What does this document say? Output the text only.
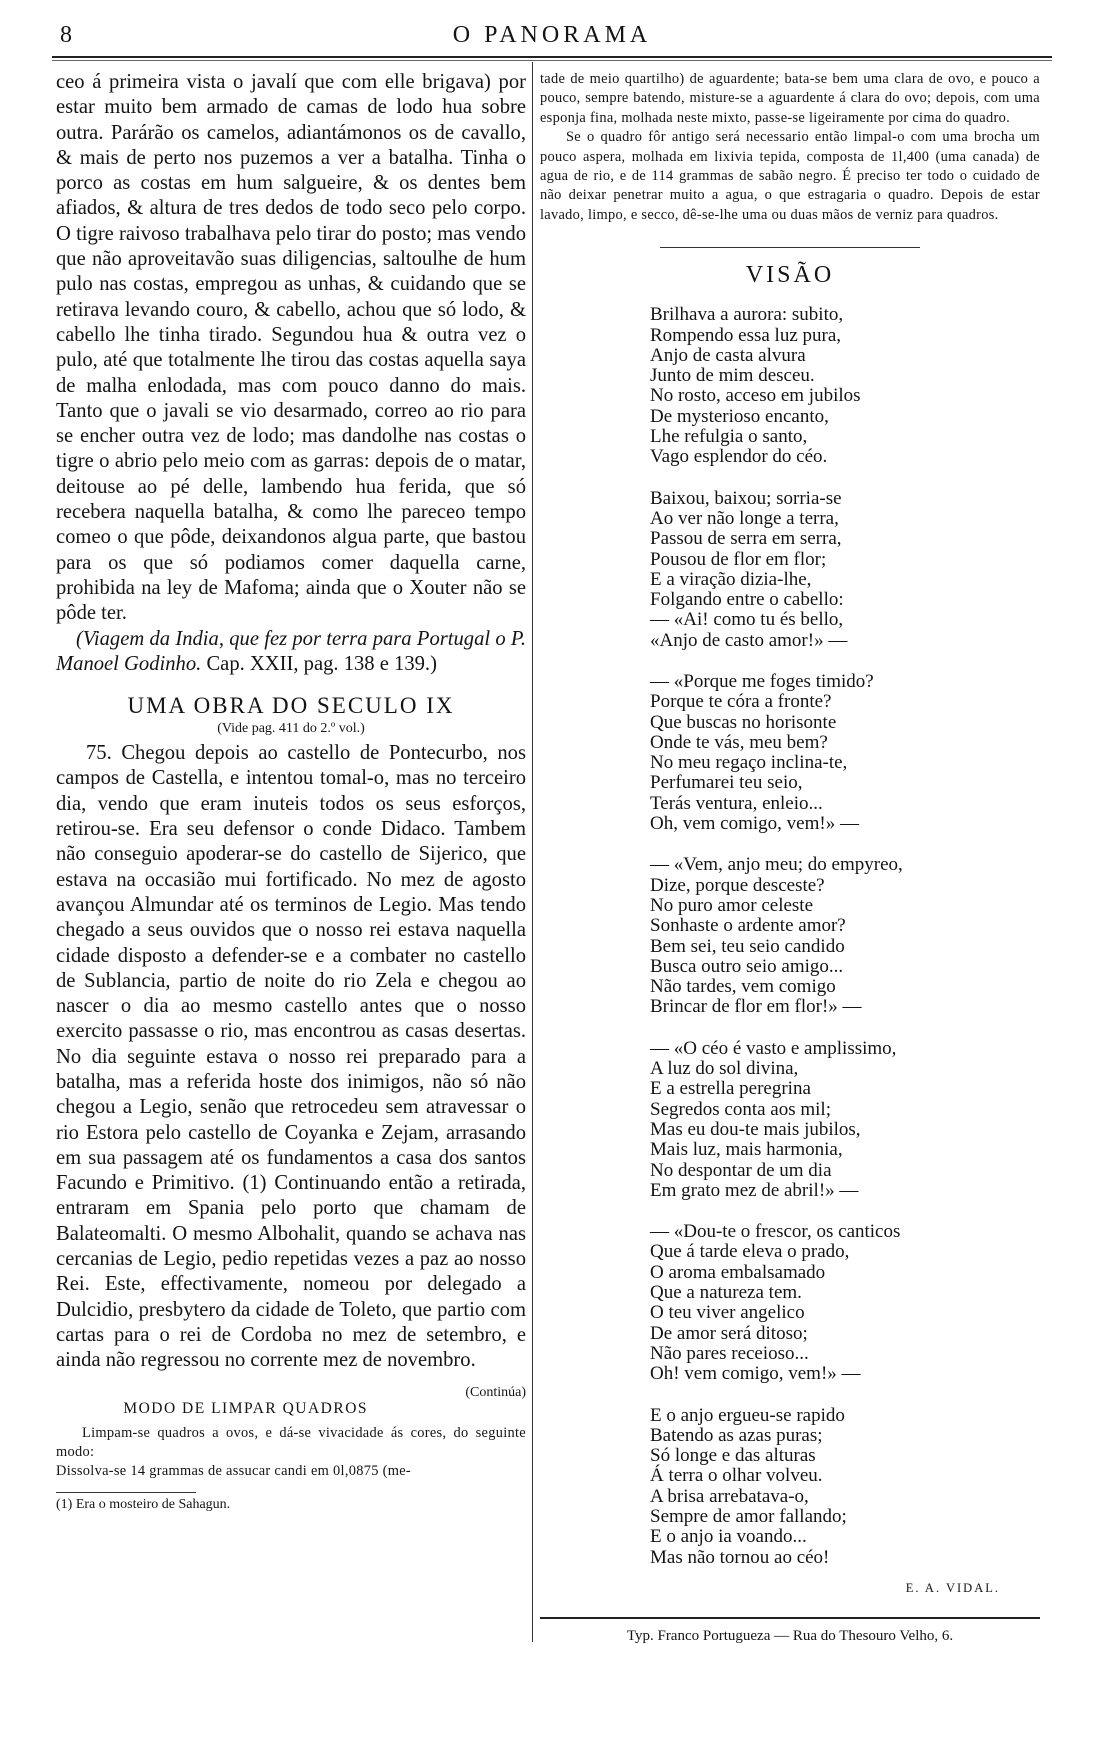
8	O PANORAMA

ceo á primeira vista o javalí que com elle brigava) por estar muito bem armado de camas de lodo hua sobre outra. Parárão os camelos, adiantámonos os de cavallo, & mais de perto nos puzemos a ver a batalha. Tinha o porco as costas em hum salgueire, & os dentes bem afiados, & altura de tres dedos de todo seco pelo corpo. O tigre raivoso trabalhava pelo tirar do posto; mas vendo que não aproveitavão suas diligencias, saltoulhe de hum pulo nas costas, empregou as unhas, & cuidando que se retirava levando couro, & cabello, achou que só lodo, & cabello lhe tinha tirado. Segundou hua & outra vez o pulo, até que totalmente lhe tirou das costas aquella saya de malha enlodada, mas com pouco danno do mais. Tanto que o javali se vio desarmado, correo ao rio para se encher outra vez de lodo; mas dandolhe nas costas o tigre o abrio pelo meio com as garras: depois de o matar, deitouse ao pé delle, lambendo hua ferida, que só recebera naquella batalha, & como lhe pareceo tempo comeo o que pôde, deixandonos algua parte, que bastou para os que só podiamos comer daquella carne, prohibida na ley de Mafoma; ainda que o Xouter não se pôde ter.

(Viagem da India, que fez por terra para Portugal o P. Manoel Godinho. Cap. XXII, pag. 138 e 139.)

UMA OBRA DO SECULO IX
(Vide pag. 411 do 2.º vol.)

75. Chegou depois ao castello de Pontecurbo, nos campos de Castella, e intentou tomal-o, mas no terceiro dia, vendo que eram inuteis todos os seus esforços, retirou-se. Era seu defensor o conde Didaco. Tambem não conseguio apoderar-se do castello de Sijerico, que estava na occasião mui fortificado. No mez de agosto avançou Almundar até os terminos de Legio. Mas tendo chegado a seus ouvidos que o nosso rei estava naquella cidade disposto a defender-se e a combater no castello de Sublancia, partio de noite do rio Zela e chegou ao nascer o dia ao mesmo castello antes que o nosso exercito passasse o rio, mas encontrou as casas desertas. No dia seguinte estava o nosso rei preparado para a batalha, mas a referida hoste dos inimigos, não só não chegou a Legio, senão que retrocedeu sem atravessar o rio Estora pelo castello de Coyanka e Zejam, arrasando em sua passagem até os fundamentos a casa dos santos Facundo e Primitivo. (1) Continuando então a retirada, entraram em Spania pelo porto que chamam de Balateomalti. O mesmo Albohalit, quando se achava nas cercanias de Legio, pedio repetidas vezes a paz ao nosso Rei. Este, effectivamente, nomeou por delegado a Dulcidio, presbytero da cidade de Toleto, que partio com cartas para o rei de Cordoba no mez de setembro, e ainda não regressou no corrente mez de novembro.
(Continúa)

MODO DE LIMPAR QUADROS

Limpam-se quadros a ovos, e dá-se vivacidade ás cores, do seguinte modo:

Dissolva-se 14 grammas de assucar candi em 0l,0875 (me-

(1) Era o mosteiro de Sahagun.

tade de meio quartilho) de aguardente; bata-se bem uma clara de ovo, e pouco a pouco, sempre batendo, misture-se a aguardente á clara do ovo; depois, com uma esponja fina, molhada neste mixto, passe-se ligeiramente por cima do quadro.

Se o quadro fôr antigo será necessario então limpal-o com uma brocha um pouco aspera, molhada em lixivia tepida, composta de 1l,400 (uma canada) de agua de rio, e de 114 grammas de sabão negro. É preciso ter todo o cuidado de não deixar penetrar muito a agua, o que estragaria o quadro. Depois de estar lavado, limpo, e secco, dê-se-lhe uma ou duas mãos de verniz para quadros.

VISÃO
Brilhava a aurora: subito,
Rompendo essa luz pura,
Anjo de casta alvura
Junto de mim desceu.
No rosto, acceso em jubilos
De mysterioso encanto,
Lhe refulgia o santo,
Vago esplendor do céo.
Baixou, baixou; sorria-se
Ao ver não longe a terra,
Passou de serra em serra,
Pousou de flor em flor;
E a viração dizia-lhe,
Folgando entre o cabello:
— «Ai! como tu és bello,
«Anjo de casto amor!» —
— «Porque me foges timido?
Porque te córa a fronte?
Que buscas no horisonte
Onde te vás, meu bem?
No meu regaço inclina-te,
Perfumarei teu seio,
Terás ventura, enleio...
Oh, vem comigo, vem!» —
— «Vem, anjo meu; do empyreo,
Dize, porque desceste?
No puro amor celeste
Sonhaste o ardente amor?
Bem sei, teu seio candido
Busca outro seio amigo...
Não tardes, vem comigo
Brincar de flor em flor!» —
— «O céo é vasto e amplissimo,
A luz do sol divina,
E a estrella peregrina
Segredos conta aos mil;
Mas eu dou-te mais jubilos,
Mais luz, mais harmonia,
No despontar de um dia
Em grato mez de abril!» —
— «Dou-te o frescor, os canticos
Que á tarde eleva o prado,
O aroma embalsamado
Que a natureza tem.
O teu viver angelico
De amor será ditoso;
Não pares receioso...
Oh! vem comigo, vem!» —
E o anjo ergueu-se rapido
Batendo as azas puras;
Só longe e das alturas
Á terra o olhar volveu.
A brisa arrebatava-o,
Sempre de amor fallando;
E o anjo ia voando...
Mas não tornou ao céo!
E. A. VIDAL.
Typ. Franco Portugueza — Rua do Thesouro Velho, 6.
